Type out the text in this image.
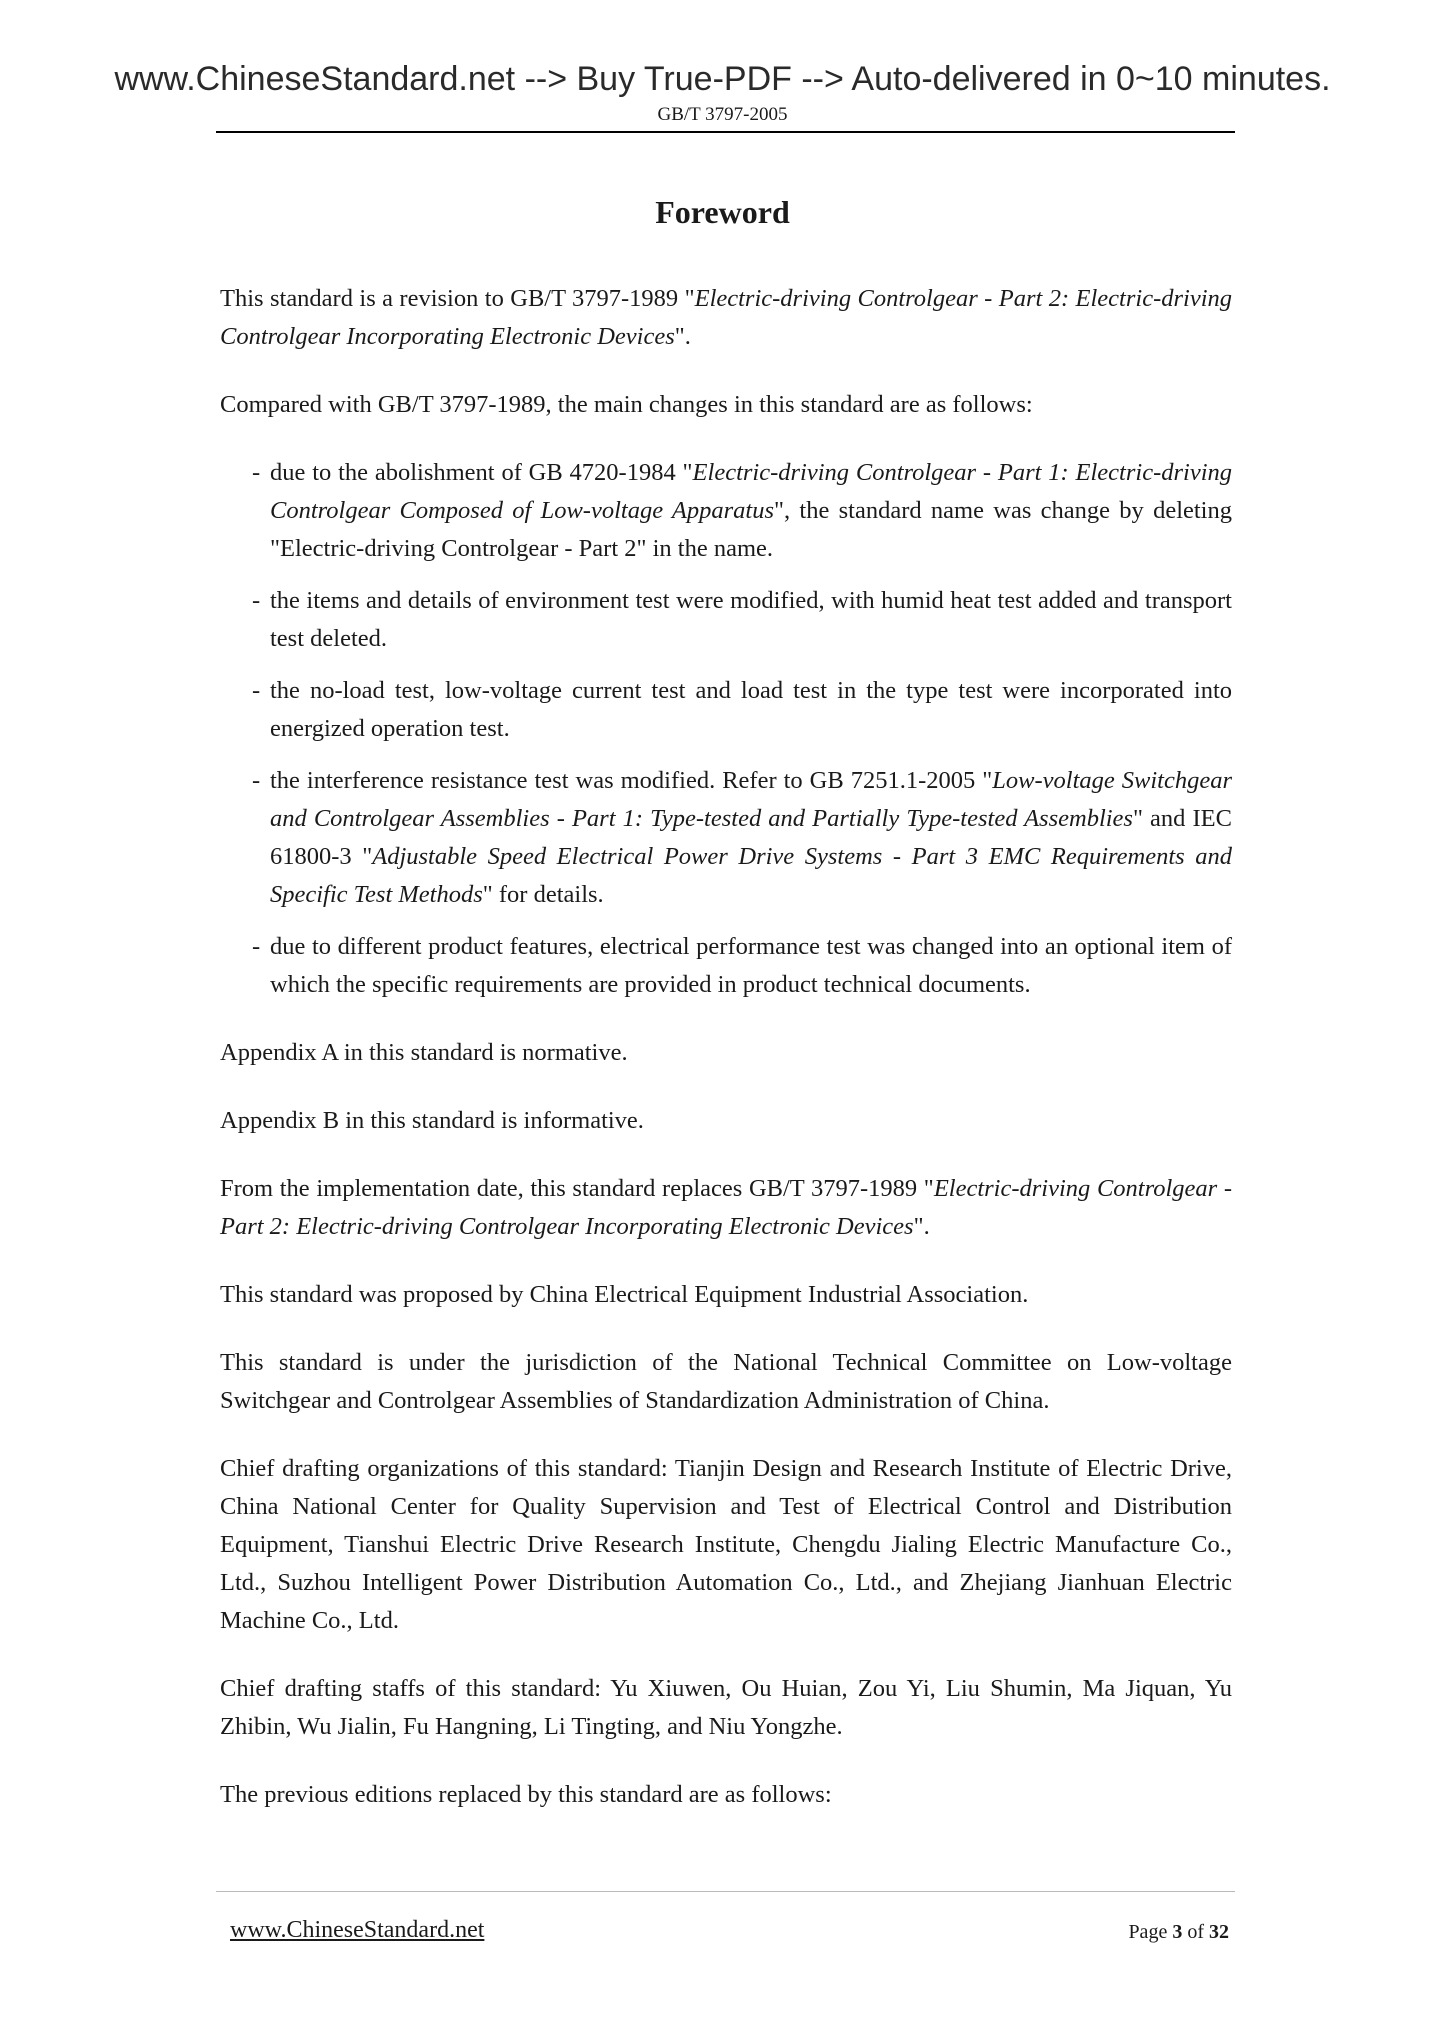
www.ChineseStandard.net --> Buy True-PDF --> Auto-delivered in 0~10 minutes.
GB/T 3797-2005
Foreword

This standard is a revision to GB/T 3797-1989 "Electric-driving Controlgear - Part 2: Electric-driving Controlgear Incorporating Electronic Devices".

Compared with GB/T 3797-1989, the main changes in this standard are as follows:

- due to the abolishment of GB 4720-1984 "Electric-driving Controlgear - Part 1: Electric-driving Controlgear Composed of Low-voltage Apparatus", the standard name was change by deleting "Electric-driving Controlgear - Part 2" in the name.
- the items and details of environment test were modified, with humid heat test added and transport test deleted.
- the no-load test, low-voltage current test and load test in the type test were incorporated into energized operation test.
- the interference resistance test was modified. Refer to GB 7251.1-2005 "Low-voltage Switchgear and Controlgear Assemblies - Part 1: Type-tested and Partially Type-tested Assemblies" and IEC 61800-3 "Adjustable Speed Electrical Power Drive Systems - Part 3 EMC Requirements and Specific Test Methods" for details.
- due to different product features, electrical performance test was changed into an optional item of which the specific requirements are provided in product technical documents.

Appendix A in this standard is normative.

Appendix B in this standard is informative.

From the implementation date, this standard replaces GB/T 3797-1989 "Electric-driving Controlgear - Part 2: Electric-driving Controlgear Incorporating Electronic Devices".

This standard was proposed by China Electrical Equipment Industrial Association.

This standard is under the jurisdiction of the National Technical Committee on Low-voltage Switchgear and Controlgear Assemblies of Standardization Administration of China.

Chief drafting organizations of this standard: Tianjin Design and Research Institute of Electric Drive, China National Center for Quality Supervision and Test of Electrical Control and Distribution Equipment, Tianshui Electric Drive Research Institute, Chengdu Jialing Electric Manufacture Co., Ltd., Suzhou Intelligent Power Distribution Automation Co., Ltd., and Zhejiang Jianhuan Electric Machine Co., Ltd.

Chief drafting staffs of this standard: Yu Xiuwen, Ou Huian, Zou Yi, Liu Shumin, Ma Jiquan, Yu Zhibin, Wu Jialin, Fu Hangning, Li Tingting, and Niu Yongzhe.

The previous editions replaced by this standard are as follows:

www.ChineseStandard.net	Page 3 of 32
